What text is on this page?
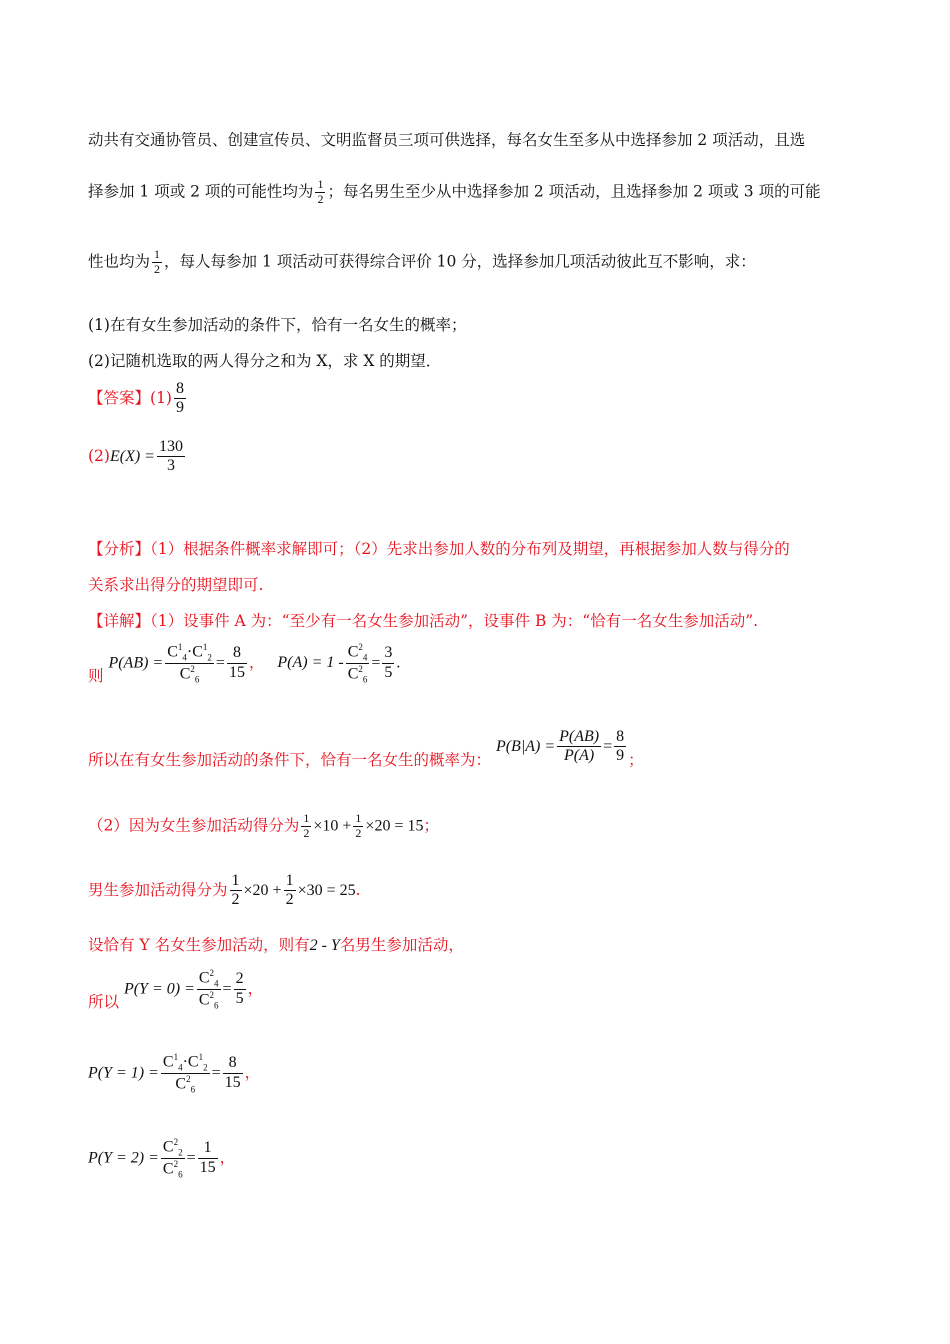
动共有交通协管员、创建宣传员、文明监督员三项可供选择，每名女生至多从中选择参加 2 项活动，且选
择参加 1 项或 2 项的可能性均为 $\frac{1}{2}$ ；每名男生至少从中选择参加 2 项活动，且选择参加 2 项或 3 项的可能
性也均为 $\frac{1}{2}$ ，每人每参加 1 项活动可获得综合评价 10 分，选择参加几项活动彼此互不影响，求：
(1)在有女生参加活动的条件下，恰有一名女生的概率；
(2)记随机选取的两人得分之和为 X，求 X 的期望．
【答案】$(1) \frac{8}{9}$
$(2)E(X) = \frac{130}{3}$
【分析】（1）根据条件概率求解即可；（2）先求出参加人数的分布列及期望，再根据参加人数与得分的
关系求出得分的期望即可.
【详解】（1）设事件 A 为：“至少有一名女生参加活动”，设事件 B 为：“恰有一名女生参加活动”.
则 $P(AB) = \frac{C^1_4\cdot C^1_2}{C^2_6} = \frac{8}{15}$ ， $P(A) = 1 - \frac{C^2_4}{C^2_6} = \frac{3}{5}$ .
所以在有女生参加活动的条件下，恰有一名女生的概率为： $P(B|A) = \frac{P(AB)}{P(A)} = \frac{8}{9}$ ；
（2）因为女生参加活动得分为 $\frac{1}{2} \times 10 + \frac{1}{2} \times 20 = 15$；
男生参加活动得分为 $\frac{1}{2} \times 20 + \frac{1}{2} \times 30 = 25$.
设恰有 Y 名女生参加活动，则有2 - Y名男生参加活动，
所以 $P(Y = 0) = \frac{C^2_4}{C^2_6} = \frac{2}{5}$ ，
$P(Y = 1) = \frac{C^1_4\cdot C^1_2}{C^2_6} = \frac{8}{15}$ ，
$P(Y = 2) = \frac{C^2_2}{C^2_6} = \frac{1}{15}$ ，
